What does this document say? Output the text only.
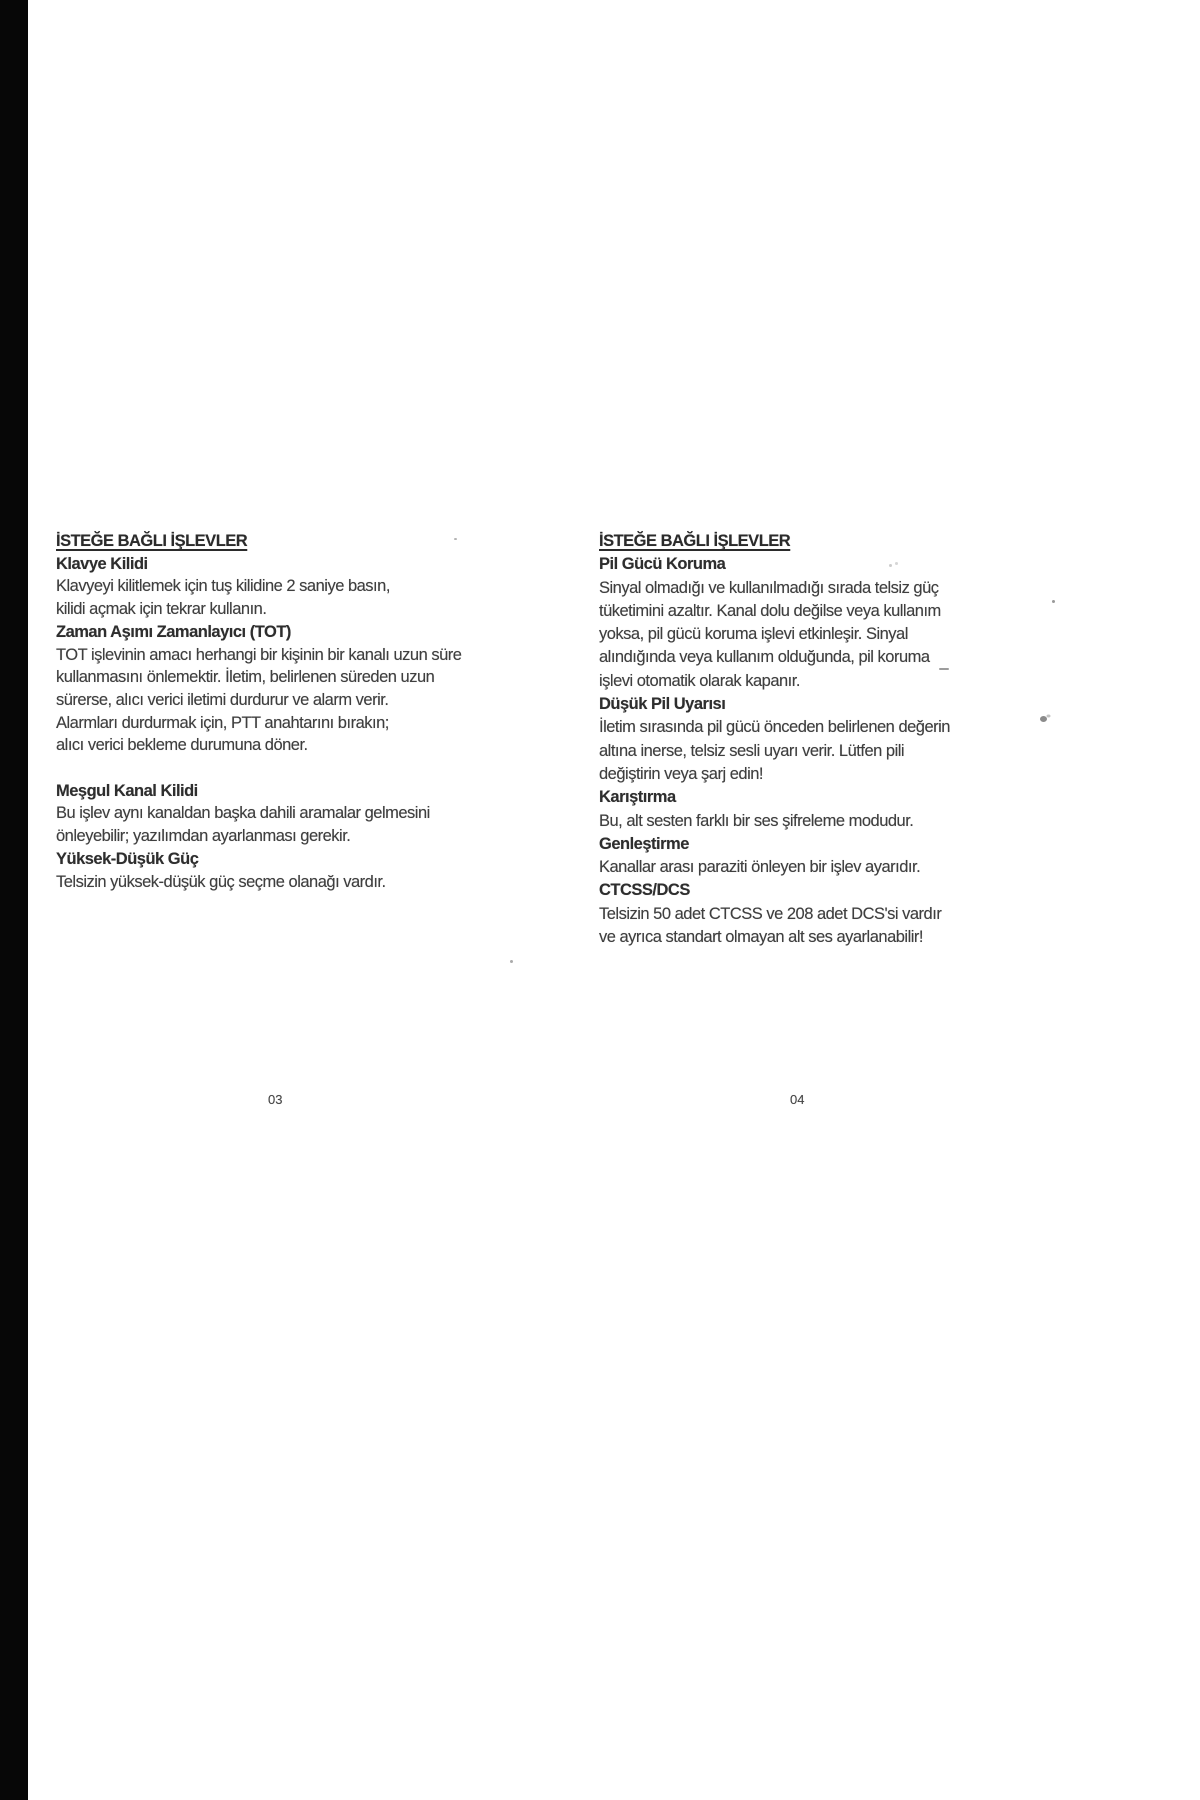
İSTEĞE BAĞLI İŞLEVLER
Klavye Kilidi
Klavyeyi kilitlemek için tuş kilidine 2 saniye basın,
kilidi açmak için tekrar kullanın.
Zaman Aşımı Zamanlayıcı (TOT)
TOT işlevinin amacı herhangi bir kişinin bir kanalı uzun süre
kullanmasını önlemektir. İletim, belirlenen süreden uzun
sürerse, alıcı verici iletimi durdurur ve alarm verir.
Alarmları durdurmak için, PTT anahtarını bırakın;
alıcı verici bekleme durumuna döner.

Meşgul Kanal Kilidi
Bu işlev aynı kanaldan başka dahili aramalar gelmesini
önleyebilir; yazılımdan ayarlanması gerekir.
Yüksek-Düşük Güç
Telsizin yüksek-düşük güç seçme olanağı vardır.
İSTEĞE BAĞLI İŞLEVLER
Pil Gücü Koruma
Sinyal olmadığı ve kullanılmadığı sırada telsiz güç
tüketimini azaltır. Kanal dolu değilse veya kullanım
yoksa, pil gücü koruma işlevi etkinleşir. Sinyal
alındığında veya kullanım olduğunda, pil koruma
işlevi otomatik olarak kapanır.
Düşük Pil Uyarısı
İletim sırasında pil gücü önceden belirlenen değerin
altına inerse, telsiz sesli uyarı verir. Lütfen pili
değiştirin veya şarj edin!
Karıştırma
Bu, alt sesten farklı bir ses şifreleme modudur.
Genleştirme
Kanallar arası paraziti önleyen bir işlev ayarıdır.
CTCSS/DCS
Telsizin 50 adet CTCSS ve 208 adet DCS'si vardır
ve ayrıca standart olmayan alt ses ayarlanabilir!
03	04
